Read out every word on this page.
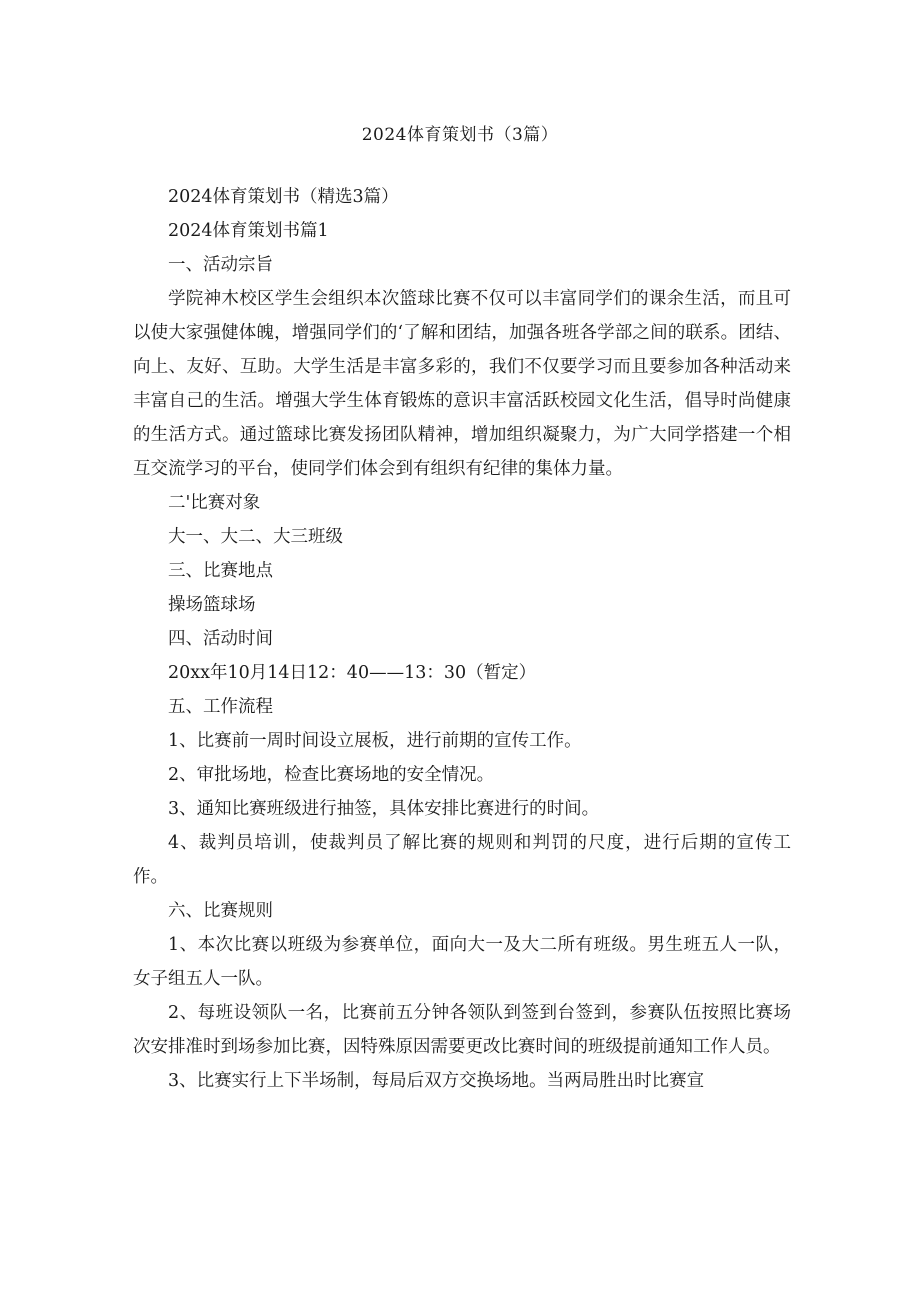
2024体育策划书（3篇）

2024体育策划书（精选3篇）

2024体育策划书篇1

一、活动宗旨

学院神木校区学生会组织本次篮球比赛不仅可以丰富同学们的课余生活，而且可以使大家强健体魄，增强同学们的‘了解和团结，加强各班各学部之间的联系。团结、向上、友好、互助。大学生活是丰富多彩的，我们不仅要学习而且要参加各种活动来丰富自己的生活。增强大学生体育锻炼的意识丰富活跃校园文化生活，倡导时尚健康的生活方式。通过篮球比赛发扬团队精神，增加组织凝聚力，为广大同学搭建一个相互交流学习的平台，使同学们体会到有组织有纪律的集体力量。

二'比赛对象

大一、大二、大三班级

三、比赛地点

操场篮球场

四、活动时间

20xx年10月14日12：40——13：30（暂定）

五、工作流程

1、比赛前一周时间设立展板，进行前期的宣传工作。

2、审批场地，检查比赛场地的安全情况。

3、通知比赛班级进行抽签，具体安排比赛进行的时间。

4、裁判员培训，使裁判员了解比赛的规则和判罚的尺度，进行后期的宣传工作。

六、比赛规则

1、本次比赛以班级为参赛单位，面向大一及大二所有班级。男生班五人一队，女子组五人一队。

2、每班设领队一名，比赛前五分钟各领队到签到台签到，参赛队伍按照比赛场次安排准时到场参加比赛，因特殊原因需要更改比赛时间的班级提前通知工作人员。

3、比赛实行上下半场制，每局后双方交换场地。当两局胜出时比赛宣
